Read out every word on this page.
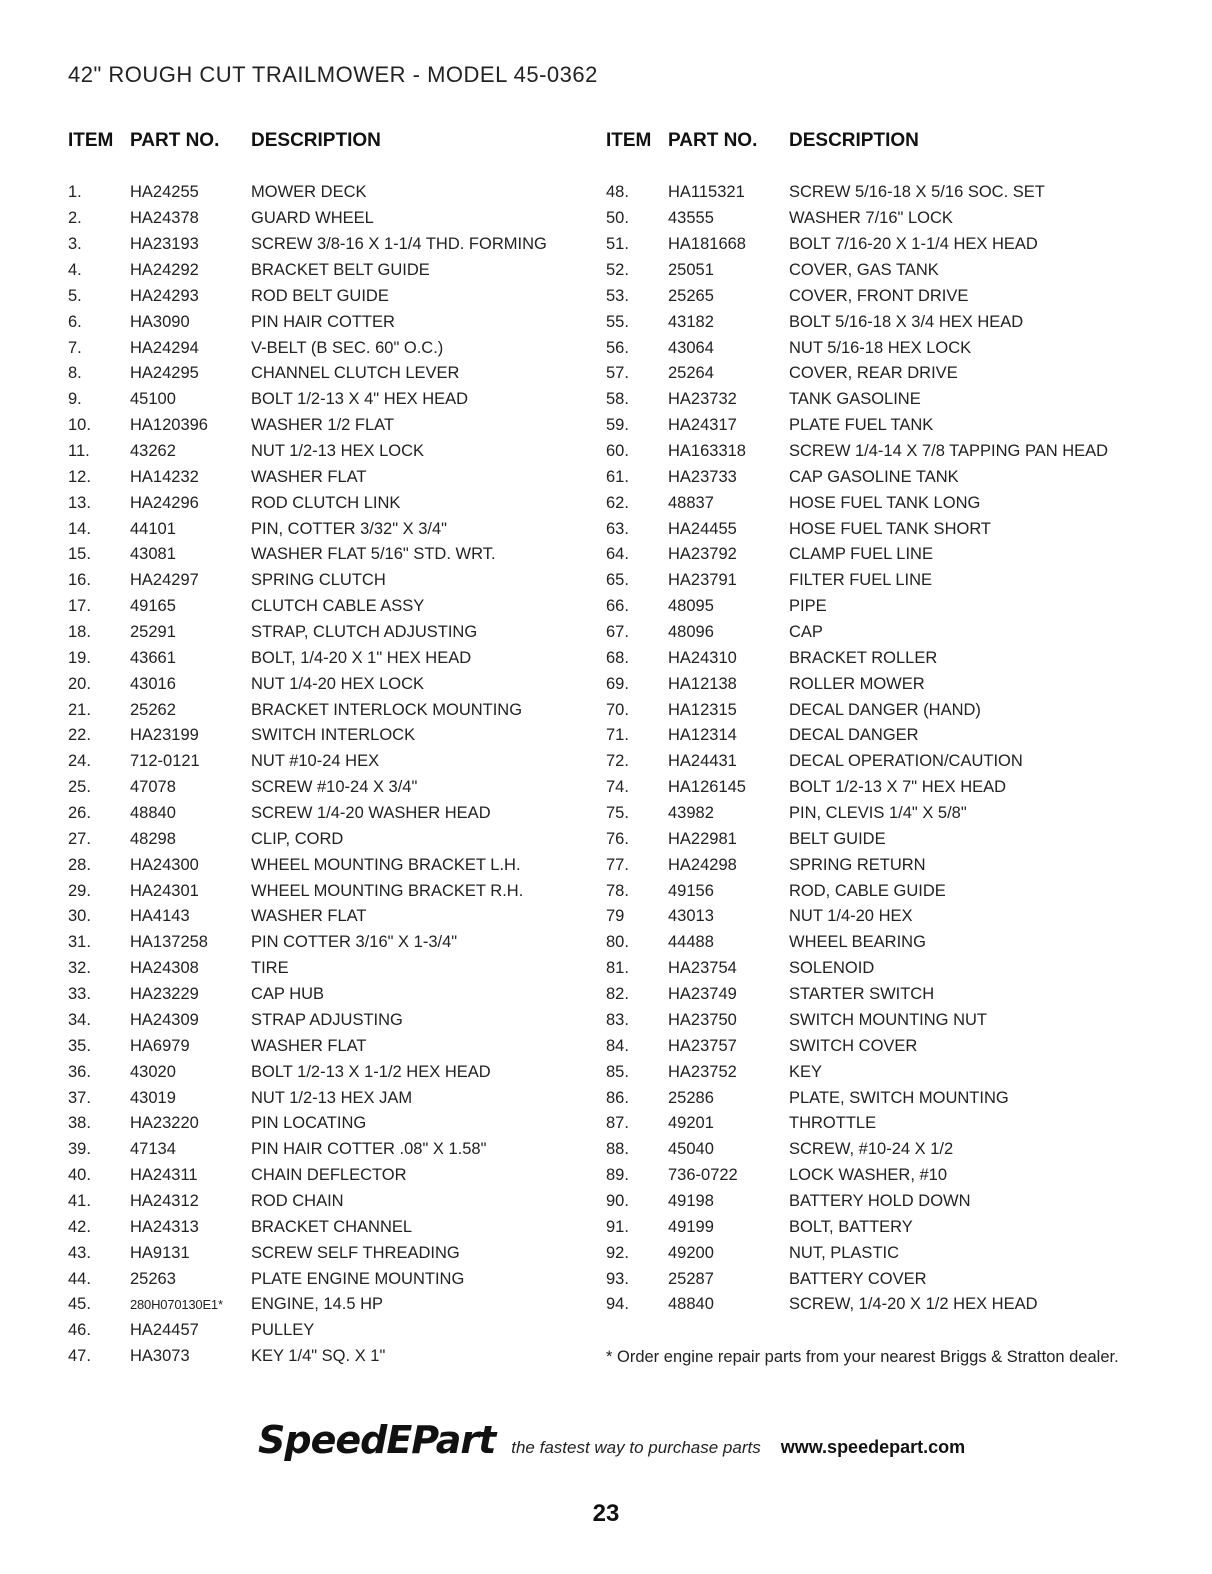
42" ROUGH CUT TRAILMOWER - MODEL 45-0362
ITEM PART NO.	DESCRIPTION
1.	HA24255	MOWER DECK
2.	HA24378	GUARD WHEEL
3.	HA23193	SCREW 3/8-16 X 1-1/4 THD. FORMING
4.	HA24292	BRACKET BELT GUIDE
5.	HA24293	ROD BELT GUIDE
6.	HA3090	PIN HAIR COTTER
7.	HA24294	V-BELT (B SEC. 60" O.C.)
8.	HA24295	CHANNEL CLUTCH LEVER
9.	45100	BOLT 1/2-13 X 4" HEX HEAD
10.	HA120396	WASHER 1/2 FLAT
11.	43262	NUT 1/2-13 HEX LOCK
12.	HA14232	WASHER FLAT
13.	HA24296	ROD CLUTCH LINK
14.	44101	PIN, COTTER 3/32" X 3/4"
15.	43081	WASHER FLAT 5/16" STD. WRT.
16.	HA24297	SPRING CLUTCH
17.	49165	CLUTCH CABLE ASSY
18.	25291	STRAP, CLUTCH ADJUSTING
19.	43661	BOLT, 1/4-20 X 1" HEX HEAD
20.	43016	NUT 1/4-20 HEX LOCK
21.	25262	BRACKET INTERLOCK MOUNTING
22.	HA23199	SWITCH INTERLOCK
24.	712-0121	NUT #10-24 HEX
25.	47078	SCREW #10-24 X 3/4"
26.	48840	SCREW 1/4-20 WASHER HEAD
27.	48298	CLIP, CORD
28.	HA24300	WHEEL MOUNTING BRACKET L.H.
29.	HA24301	WHEEL MOUNTING BRACKET R.H.
30.	HA4143	WASHER FLAT
31.	HA137258	PIN COTTER 3/16" X 1-3/4"
32.	HA24308	TIRE
33.	HA23229	CAP HUB
34.	HA24309	STRAP ADJUSTING
35.	HA6979	WASHER FLAT
36.	43020	BOLT 1/2-13 X 1-1/2 HEX HEAD
37.	43019	NUT 1/2-13 HEX JAM
38.	HA23220	PIN LOCATING
39.	47134	PIN HAIR COTTER .08" X 1.58"
40.	HA24311	CHAIN DEFLECTOR
41.	HA24312	ROD CHAIN
42.	HA24313	BRACKET CHANNEL
43.	HA9131	SCREW SELF THREADING
44.	25263	PLATE ENGINE MOUNTING
45.	280H070130E1*	ENGINE, 14.5 HP
46.	HA24457	PULLEY
47.	HA3073	KEY 1/4" SQ. X 1"
ITEM PART NO.	DESCRIPTION
48.	HA115321	SCREW 5/16-18 X 5/16 SOC. SET
50.	43555	WASHER 7/16" LOCK
51.	HA181668	BOLT 7/16-20 X 1-1/4 HEX HEAD
52.	25051	COVER, GAS TANK
53.	25265	COVER, FRONT DRIVE
55.	43182	BOLT 5/16-18 X 3/4 HEX HEAD
56.	43064	NUT 5/16-18 HEX LOCK
57.	25264	COVER, REAR DRIVE
58.	HA23732	TANK GASOLINE
59.	HA24317	PLATE FUEL TANK
60.	HA163318	SCREW 1/4-14 X 7/8 TAPPING PAN HEAD
61.	HA23733	CAP GASOLINE TANK
62.	48837	HOSE FUEL TANK LONG
63.	HA24455	HOSE FUEL TANK SHORT
64.	HA23792	CLAMP FUEL LINE
65.	HA23791	FILTER FUEL LINE
66.	48095	PIPE
67.	48096	CAP
68.	HA24310	BRACKET ROLLER
69.	HA12138	ROLLER MOWER
70.	HA12315	DECAL DANGER (HAND)
71.	HA12314	DECAL DANGER
72.	HA24431	DECAL OPERATION/CAUTION
74.	HA126145	BOLT 1/2-13 X 7" HEX HEAD
75.	43982	PIN, CLEVIS 1/4" X 5/8"
76.	HA22981	BELT GUIDE
77.	HA24298	SPRING RETURN
78.	49156	ROD, CABLE GUIDE
79	43013	NUT 1/4-20 HEX
80.	44488	WHEEL BEARING
81.	HA23754	SOLENOID
82.	HA23749	STARTER SWITCH
83.	HA23750	SWITCH MOUNTING NUT
84.	HA23757	SWITCH COVER
85.	HA23752	KEY
86.	25286	PLATE, SWITCH MOUNTING
87.	49201	THROTTLE
88.	45040	SCREW, #10-24 X 1/2
89.	736-0722	LOCK WASHER, #10
90.	49198	BATTERY HOLD DOWN
91.	49199	BOLT, BATTERY
92.	49200	NUT, PLASTIC
93.	25287	BATTERY COVER
94.	48840	SCREW, 1/4-20 X 1/2 HEX HEAD
* Order engine repair parts from your nearest Briggs & Stratton dealer.
SpeedEPart the fastest way to purchase parts www.speedepart.com
23
